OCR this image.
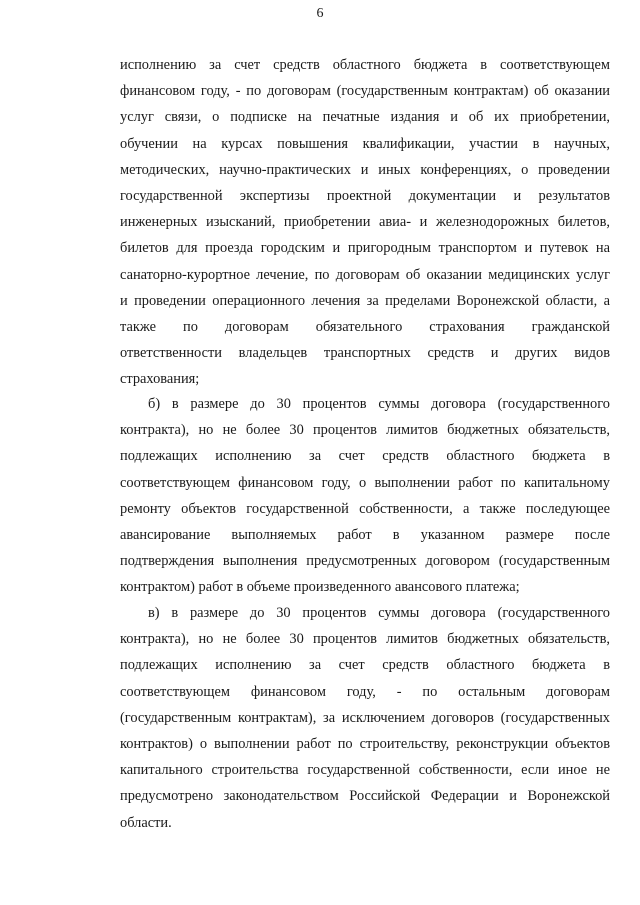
6
исполнению за счет средств областного бюджета в соответствующем
финансовом году, - по договорам (государственным контрактам) об оказании
услуг связи, о подписке на печатные издания и об их приобретении,
обучении на курсах повышения квалификации, участии в научных,
методических, научно-практических и иных конференциях, о проведении
государственной экспертизы проектной документации и результатов
инженерных изысканий, приобретении авиа- и железнодорожных билетов,
билетов для проезда городским и пригородным транспортом и путевок на
санаторно-курортное лечение, по договорам об оказании медицинских услуг
и проведении операционного лечения за пределами Воронежской области, а
также по договорам обязательного страхования гражданской
ответственности владельцев транспортных средств и других видов
страхования;
б) в размере до 30 процентов суммы договора (государственного
контракта), но не более 30 процентов лимитов бюджетных обязательств,
подлежащих исполнению за счет средств областного бюджета в
соответствующем финансовом году, о выполнении работ по капитальному
ремонту объектов государственной собственности, а также последующее
авансирование выполняемых работ в указанном размере после
подтверждения выполнения предусмотренных договором (государственным
контрактом) работ в объеме произведенного авансового платежа;
в) в размере до 30 процентов суммы договора (государственного
контракта), но не более 30 процентов лимитов бюджетных обязательств,
подлежащих исполнению за счет средств областного бюджета в
соответствующем финансовом году, - по остальным договорам
(государственным контрактам), за исключением договоров (государственных
контрактов) о выполнении работ по строительству, реконструкции объектов
капитального строительства государственной собственности, если иное не
предусмотрено законодательством Российской Федерации и Воронежской
области.
